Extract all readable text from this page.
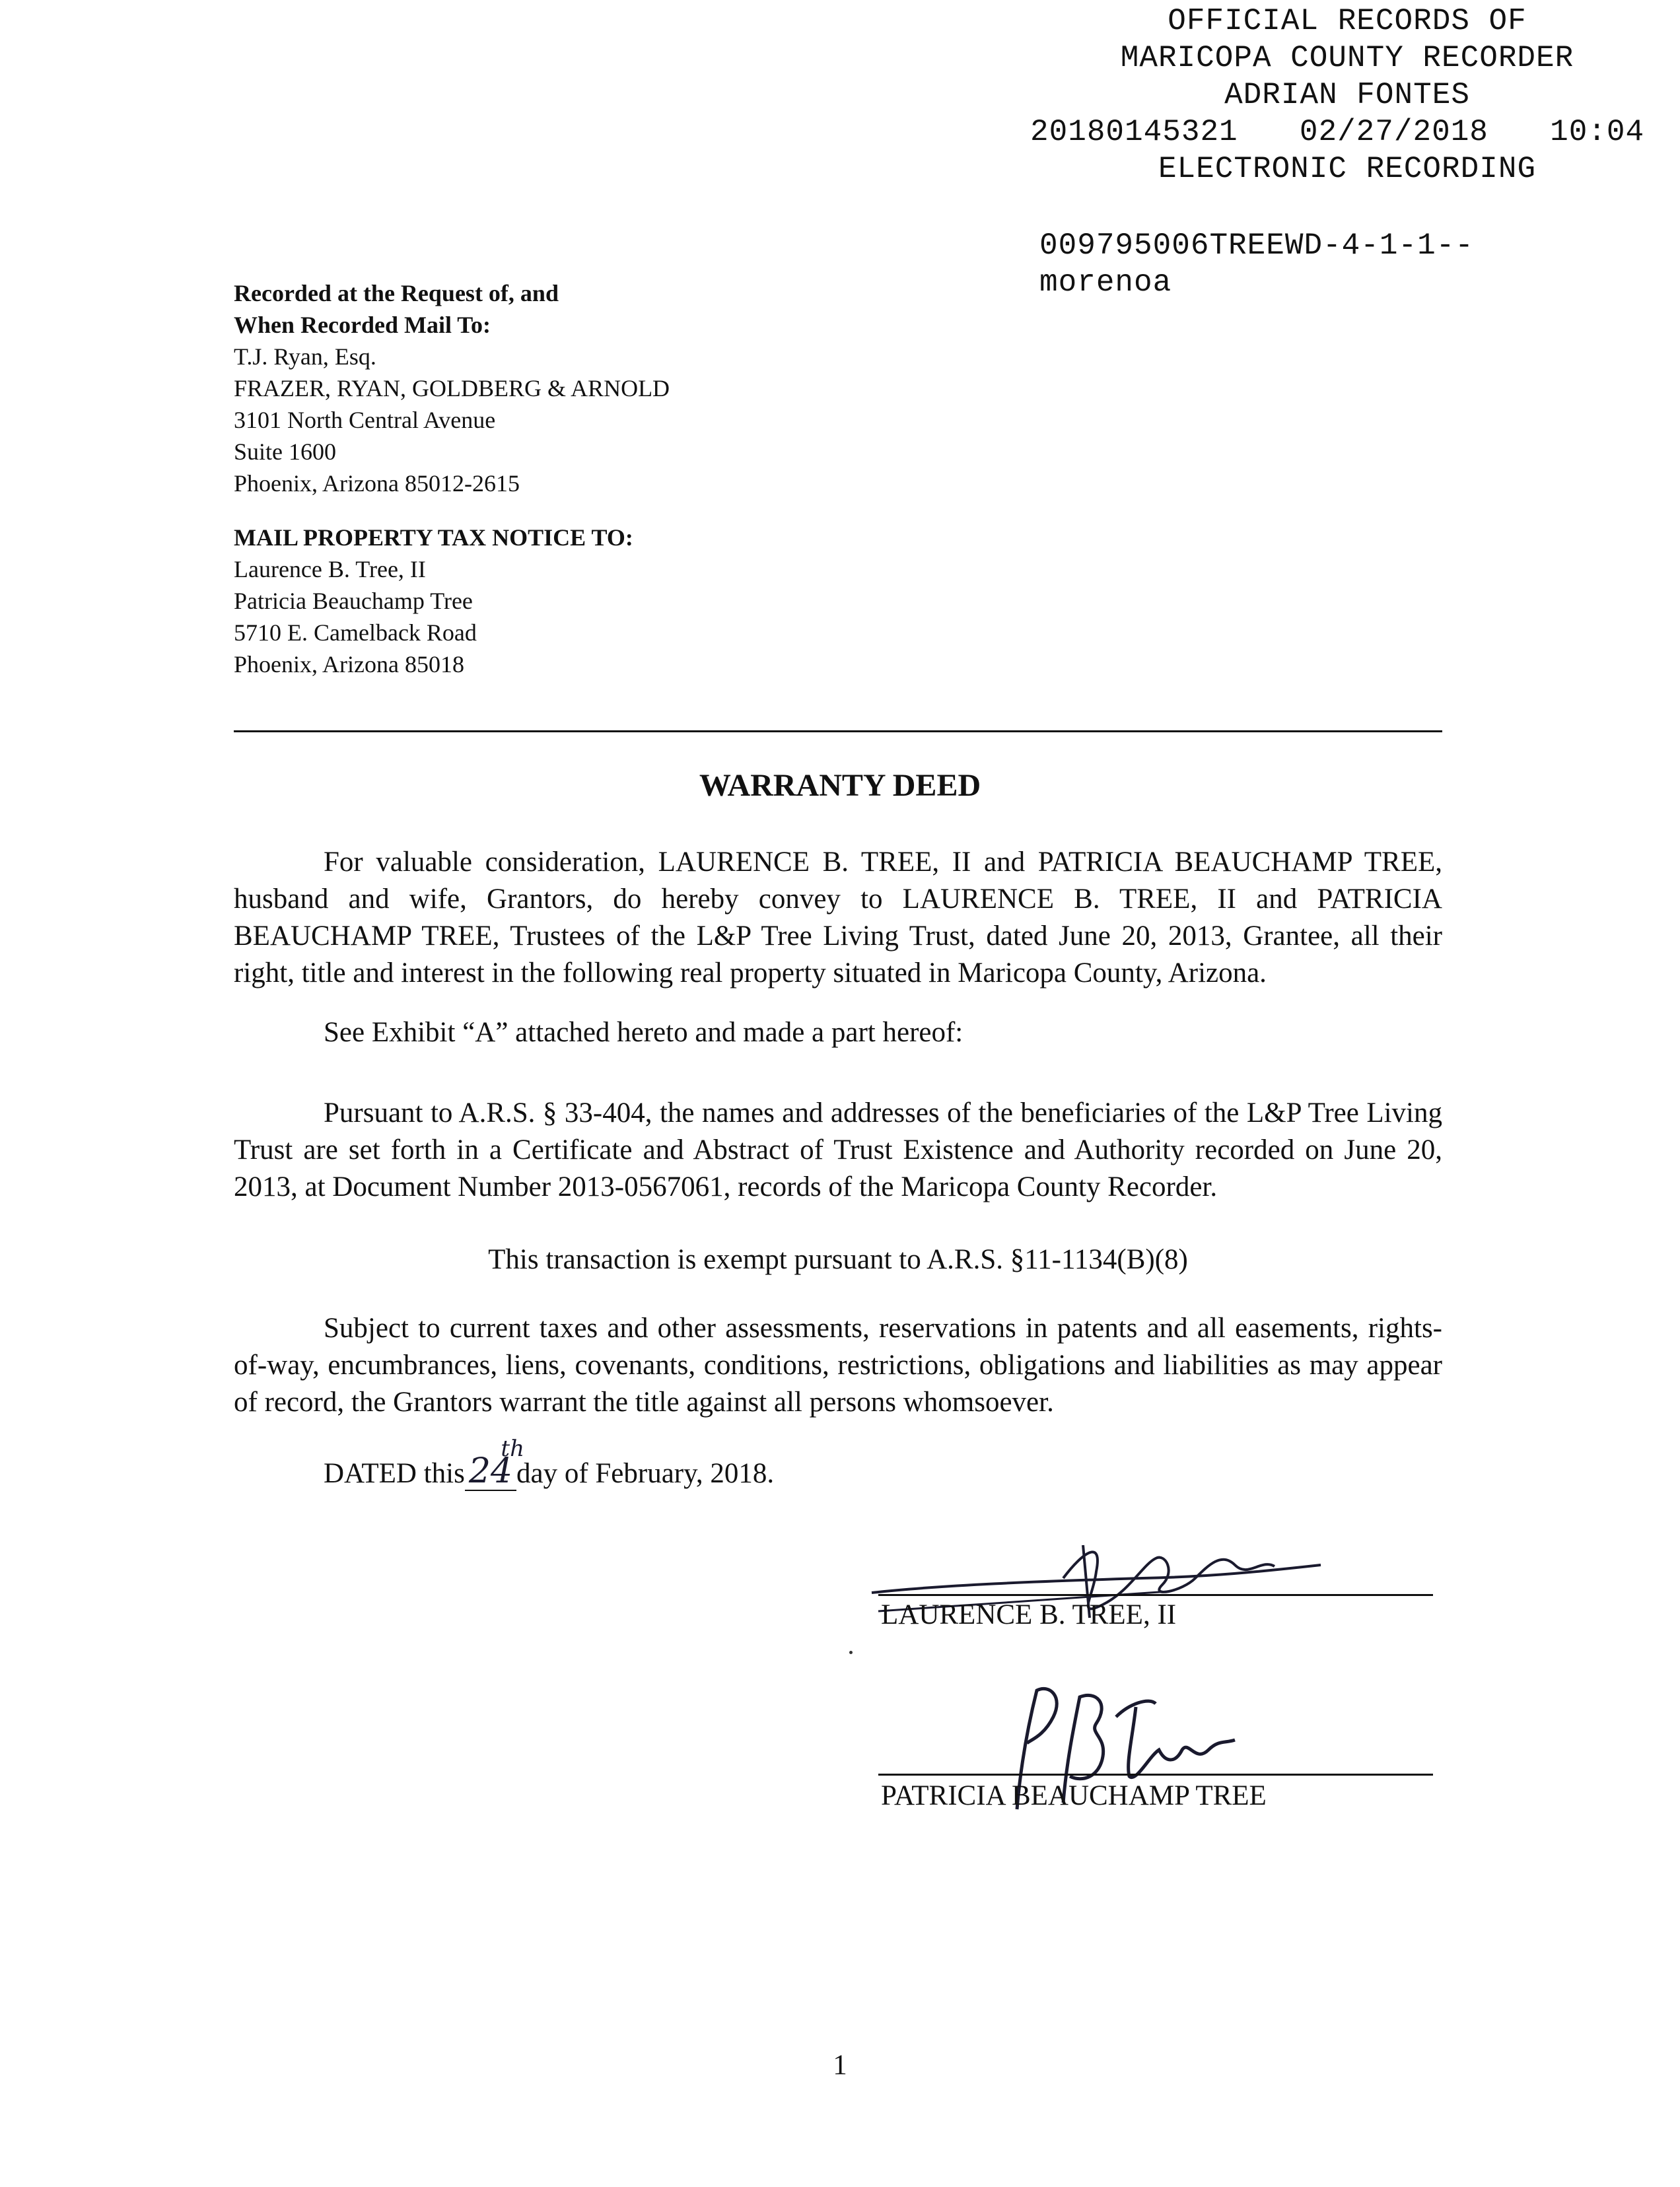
OFFICIAL RECORDS OF
MARICOPA COUNTY RECORDER
ADRIAN FONTES
20180145321  02/27/2018  10:04
ELECTRONIC RECORDING
009795006TREEWD-4-1-1--
morenoa
Recorded at the Request of, and
When Recorded Mail To:
T.J. Ryan, Esq.
FRAZER, RYAN, GOLDBERG & ARNOLD
3101 North Central Avenue
Suite 1600
Phoenix, Arizona 85012-2615
MAIL PROPERTY TAX NOTICE TO:
Laurence B. Tree, II
Patricia Beauchamp Tree
5710 E. Camelback Road
Phoenix, Arizona 85018
WARRANTY DEED
For valuable consideration, LAURENCE B. TREE, II and PATRICIA BEAUCHAMP TREE, husband and wife, Grantors, do hereby convey to LAURENCE B. TREE, II and PATRICIA BEAUCHAMP TREE, Trustees of the L&P Tree Living Trust, dated June 20, 2013, Grantee, all their right, title and interest in the following real property situated in Maricopa County, Arizona.
See Exhibit “A” attached hereto and made a part hereof:
Pursuant to A.R.S. § 33-404, the names and addresses of the beneficiaries of the L&P Tree Living Trust are set forth in a Certificate and Abstract of Trust Existence and Authority recorded on June 20, 2013, at Document Number 2013-0567061, records of the Maricopa County Recorder.
This transaction is exempt pursuant to A.R.S. §11-1134(B)(8)
Subject to current taxes and other assessments, reservations in patents and all easements, rights-of-way, encumbrances, liens, covenants, conditions, restrictions, obligations and liabilities as may appear of record, the Grantors warrant the title against all persons whomsoever.
DATED this 24
th
day of February, 2018.
LAURENCE B. TREE, II
PATRICIA BEAUCHAMP TREE
1
